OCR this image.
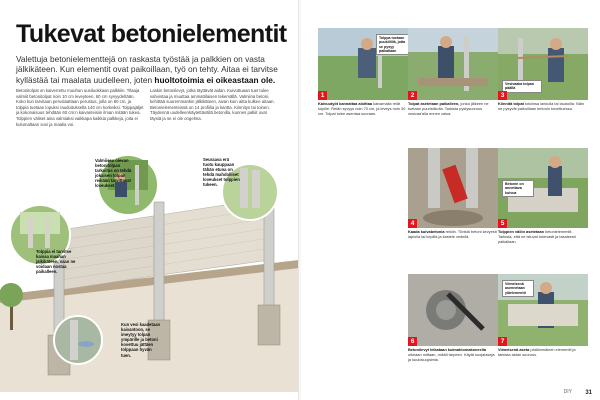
Tukevat betonielementit
Valettuja betonielementtejä on raskasta työstää ja palkkien on vasta jälkikäteen. Kun elementit ovat paikoillaan, työ on tehty. Aitaa ei tarvitse kyllästää tai maalata uudelleen, joten huoltotoimia ei oikeastaan ole.
Betonitolpat on kaiverrettu muuhun uusiluokkaan palkkiin. Tilaaja valmiit betonitolpat noin 10 cm leveyteen, 60 cm syvyydeltään. Koko kun tarvitaan peruslaattaan perustus, jolla on 80 cm, ja tolppia tuetaan lopuksi raudoituksella 140 cm korkeiksi. Tolppajäljet ja kokonaisuus tehdään 60 cm:n kaivanteisiin ilman mitään tukea. Tolppien väliset aina valmiaksi vaikkapa kaikkia palkkeja, joita ei kulumaltaan sovi ja maalia voi.
Laskin betonilevyt, jotka täyttävät aidan. Kuivuttuaan tuet tulee vahvistaa ja muuttaa ammattilaisen tekemällä. Valmiina betoni, kehittää suuremmankin jälkikäteen, aivan kuin aitta kulkee aitaan. Betonielementeissä on 14 profiilia ja kantta. Kiinnitys tai toinen. Täydennä uudelleenkäytettävällä betonilla, kunnes palkit ovat täysiä ja se ei ole ongelma.
Valmiissa olevan betonitolpan tarkoitus on tehdä jokaisen tolpan reikään tarvittavat loveukset.
Seuraava erä tuotu kauppaan tähän etuna on tehdä mahdolliset loveukset tolppien tukeen.
Tolppia ei tarvitse kaivaa maahan jälkikäteen, vaan ne voidaan nostaa paikalleen.
Kun vesi kaadetaan kaivantoon, se imeytyy tolpan ympärille ja betoni kovettuu jättäen tolppaan hyvän tuen.
Tolppa tuetaan puukiilillä, jotta se pysyy paikallaan
1
Kaivuutyöt kannattaa aloittaa kaivamalla reiät tolpille. Reiän syvyys noin 70 cm, ja leveys noin 30 cm. Tolpat tulee asentaa suoraan.
2
Tolpat asetetaan paikalleen, jonka jälkeen ne tuetaan puuristikolla. Tarkista pystysuoruus vesivaa'alla ennen valua.
Vesivaaka tolpan päällä
3
Kiinnitä tolpat toisiinsa lankulla tai laudoilla. Näin ne pysyvät paikoillaan betonin kovettuessa.
4
Kaada kuivabetonia reikiin. Tiivistä betoni kevyesti lapiolla tai kepillä ja kastele vedellä.
Betonin on annettava kuivua
5
Tolppien väliin asetetaan betonielementit. Tarkista, että ne istuvat tukevasti ja tasaisesti paikallaan.
6
Betonilevyt leikataan kulmahiomakoneella oikeaan mittaan, mikäli tarpeen. Käytä suojalaseja ja kuulosuojaimia.
Viimeisenä asennetaan yläelementti
7
Viimeisenä aseta päälimmäinen elementti ja tarkista aidan suoruus.
DIY 31
